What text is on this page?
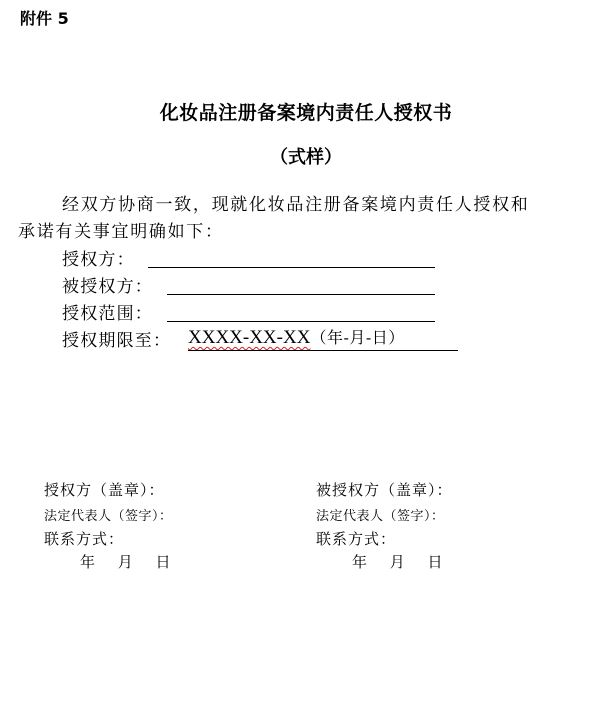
附件 5
化妆品注册备案境内责任人授权书
（式样）
经双方协商一致，现就化妆品注册备案境内责任人授权和
承诺有关事宜明确如下：
授权方：
被授权方：
授权范围：
授权期限至： XXXX-XX-XX（年-月-日）
授权方（盖章）：
法定代表人（签字）：
联系方式：
年　 月　 日
被授权方（盖章）：
法定代表人（签字）：
联系方式：
年　 月　 日
